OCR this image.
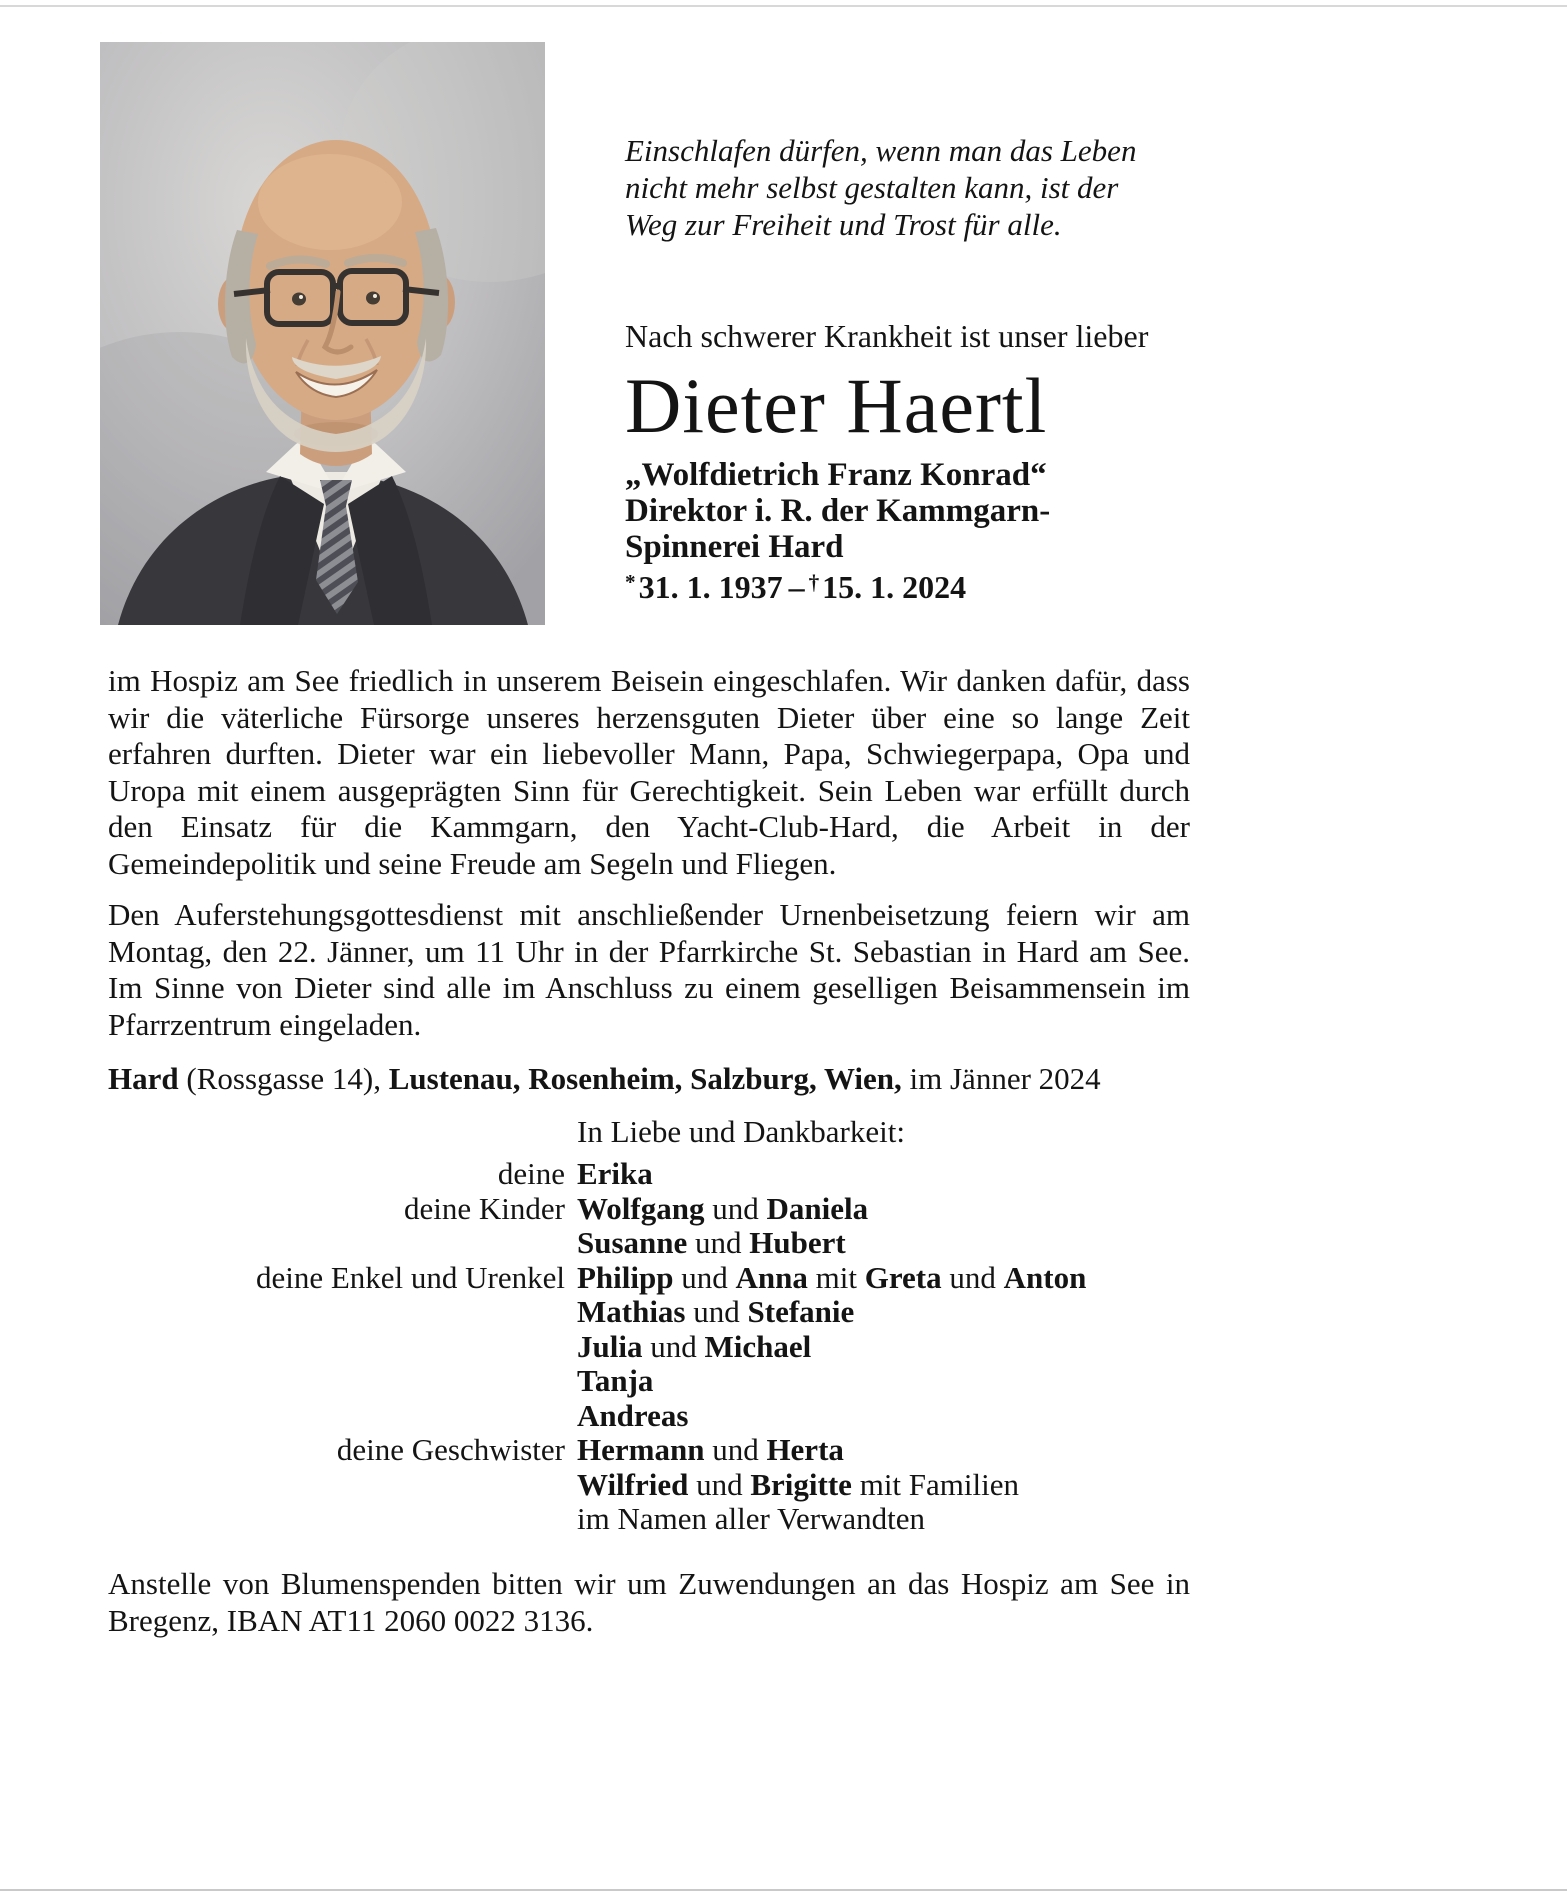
Einschlafen dürfen, wenn man das Leben
nicht mehr selbst gestalten kann, ist der
Weg zur Freiheit und Trost für alle.
Nach schwerer Krankheit ist unser lieber
Dieter Haertl
„Wolfdietrich Franz Konrad“
Direktor i. R. der Kammgarn-
Spinnerei Hard
*31. 1. 1937 – †15. 1. 2024

im Hospiz am See friedlich in unserem Beisein eingeschlafen. Wir danken dafür, dass wir die väterliche Fürsorge unseres herzensguten Dieter über eine so lange Zeit erfahren durften. Dieter war ein liebevoller Mann, Papa, Schwiegerpapa, Opa und Uropa mit einem ausgeprägten Sinn für Gerechtigkeit. Sein Leben war erfüllt durch den Einsatz für die Kammgarn, den Yacht-Club-Hard, die Arbeit in der Gemeindepolitik und seine Freude am Segeln und Fliegen.

Den Auferstehungsgottesdienst mit anschließender Urnenbeisetzung feiern wir am Montag, den 22. Jänner, um 11 Uhr in der Pfarrkirche St. Sebastian in Hard am See. Im Sinne von Dieter sind alle im Anschluss zu einem geselligen Beisammensein im Pfarrzentrum eingeladen.

Hard (Rossgasse 14), Lustenau, Rosenheim, Salzburg, Wien, im Jänner 2024

In Liebe und Dankbarkeit:
deine Erika
deine Kinder Wolfgang und Daniela
Susanne und Hubert
deine Enkel und Urenkel Philipp und Anna mit Greta und Anton
Mathias und Stefanie
Julia und Michael
Tanja
Andreas
deine Geschwister Hermann und Herta
Wilfried und Brigitte mit Familien
im Namen aller Verwandten

Anstelle von Blumenspenden bitten wir um Zuwendungen an das Hospiz am See in Bregenz, IBAN AT11 2060 0022 3136.
